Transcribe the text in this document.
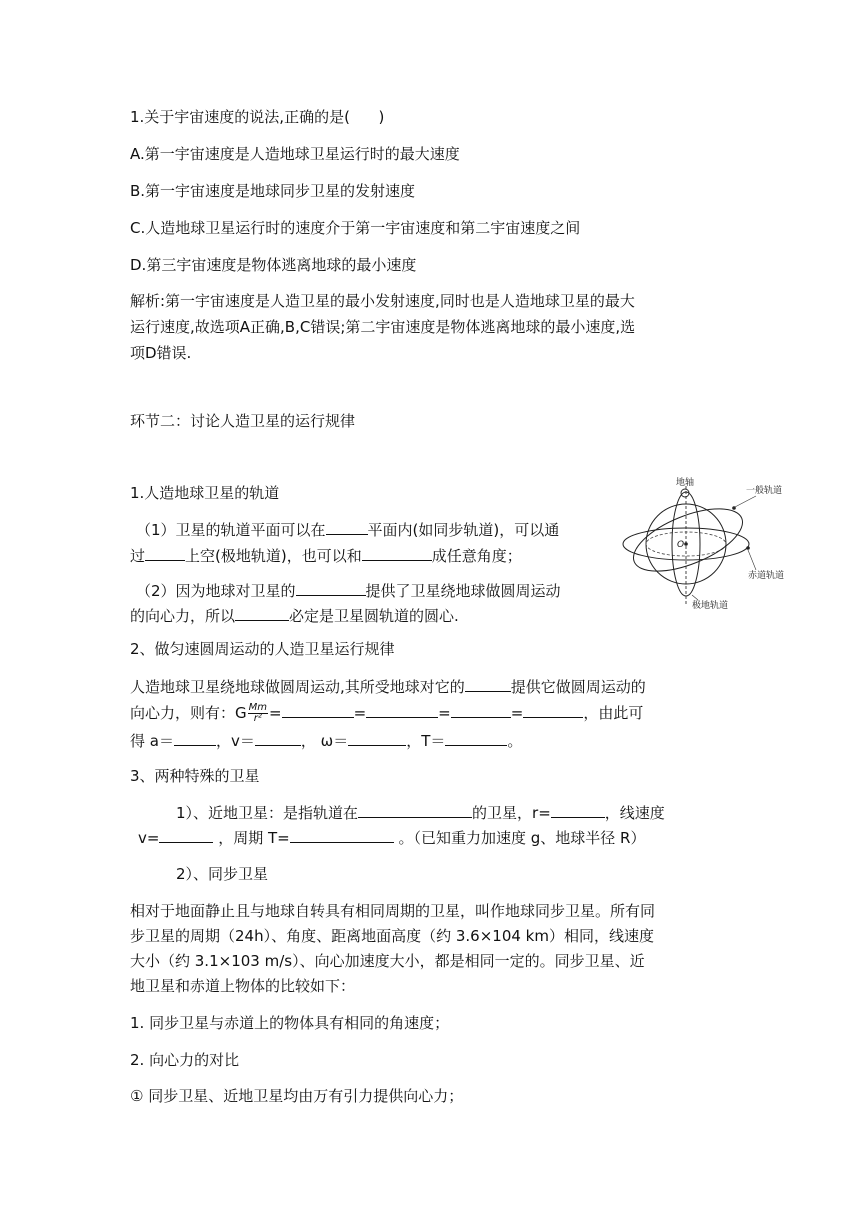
1.关于宇宙速度的说法,正确的是(      )
A.第一宇宙速度是人造地球卫星运行时的最大速度
B.第一宇宙速度是地球同步卫星的发射速度
C.人造地球卫星运行时的速度介于第一宇宙速度和第二宇宙速度之间
D.第三宇宙速度是物体逃离地球的最小速度
解析:第一宇宙速度是人造卫星的最小发射速度,同时也是人造地球卫星的最大
运行速度,故选项A正确,B,C错误;第二宇宙速度是物体逃离地球的最小速度,选
项D错误.
环节二：讨论人造卫星的运行规律
1.人造地球卫星的轨道
（1）卫星的轨道平面可以在	平面内(如同步轨道)，可以通
过	上空(极地轨道)，也可以和	成任意角度；
（2）因为地球对卫星的	提供了卫星绕地球做圆周运动
的向心力，所以	必定是卫星圆轨道的圆心.
地轴
一般轨道
O
赤道轨道
极地轨道
2、做匀速圆周运动的人造卫星运行规律
人造地球卫星绕地球做圆周运动,其所受地球对它的	提供它做圆周运动的
向心力，则有：G $\frac{Mm}{\text{r²}}$ =	=	=	=	，由此可
得 a＝	，v＝	， ω＝	，T＝	。
3、两种特殊的卫星
1）、近地卫星：是指轨道在	的卫星，r=	，线速度
v=	，周期 T=	。（已知重力加速度 g、地球半径 R）
2）、同步卫星
相对于地面静止且与地球自转具有相同周期的卫星，叫作地球同步卫星。所有同
步卫星的周期（24h）、角度、距离地面高度（约 3.6×104 km）相同，线速度
大小（约 3.1×103 m/s）、向心加速度大小，都是相同一定的。同步卫星、近
地卫星和赤道上物体的比较如下：
1. 同步卫星与赤道上的物体具有相同的角速度；
2. 向心力的对比
① 同步卫星、近地卫星均由万有引力提供向心力；
